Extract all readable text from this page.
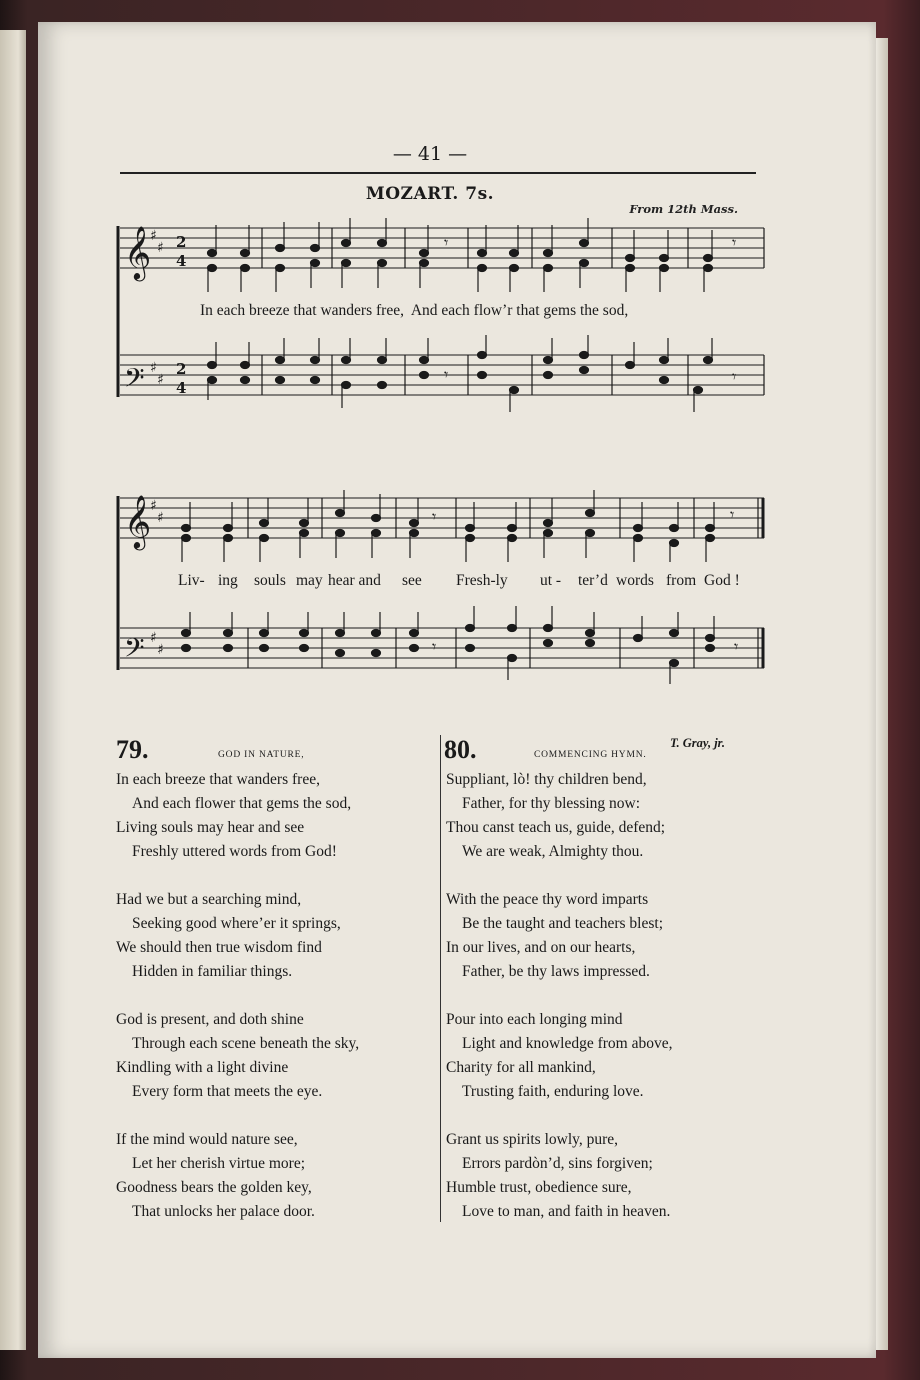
— 41 —
MOZART. 7s.
From 12th Mass.
𝄞
𝄞
𝄢
𝄢
♯
♯
♯
♯
♯
♯
♯
♯
2
4
2
4
𝄾	𝄾
𝄾	𝄾
𝄾	𝄾
𝄾	𝄾
In each breeze that wanders free,  And each flow’r that gems the sod,
Liv- ing souls may hear and see Fresh-ly ut - ter’d words from God !
79.	GOD IN NATURE,	80.	COMMENCING HYMN.
T. Gray, jr.
In each breeze that wanders free,
And each flower that gems the sod,
Living souls may hear and see
Freshly uttered words from God!
Had we but a searching mind,
Seeking good where’er it springs,
We should then true wisdom find
Hidden in familiar things.
God is present, and doth shine
Through each scene beneath the sky,
Kindling with a light divine
Every form that meets the eye.
If the mind would nature see,
Let her cherish virtue more;
Goodness bears the golden key,
That unlocks her palace door.
Suppliant, lò! thy children bend,
Father, for thy blessing now:
Thou canst teach us, guide, defend;
We are weak, Almighty thou.
With the peace thy word imparts
Be the taught and teachers blest;
In our lives, and on our hearts,
Father, be thy laws impressed.
Pour into each longing mind
Light and knowledge from above,
Charity for all mankind,
Trusting faith, enduring love.
Grant us spirits lowly, pure,
Errors pardòn’d, sins forgiven;
Humble trust, obedience sure,
Love to man, and faith in heaven.
